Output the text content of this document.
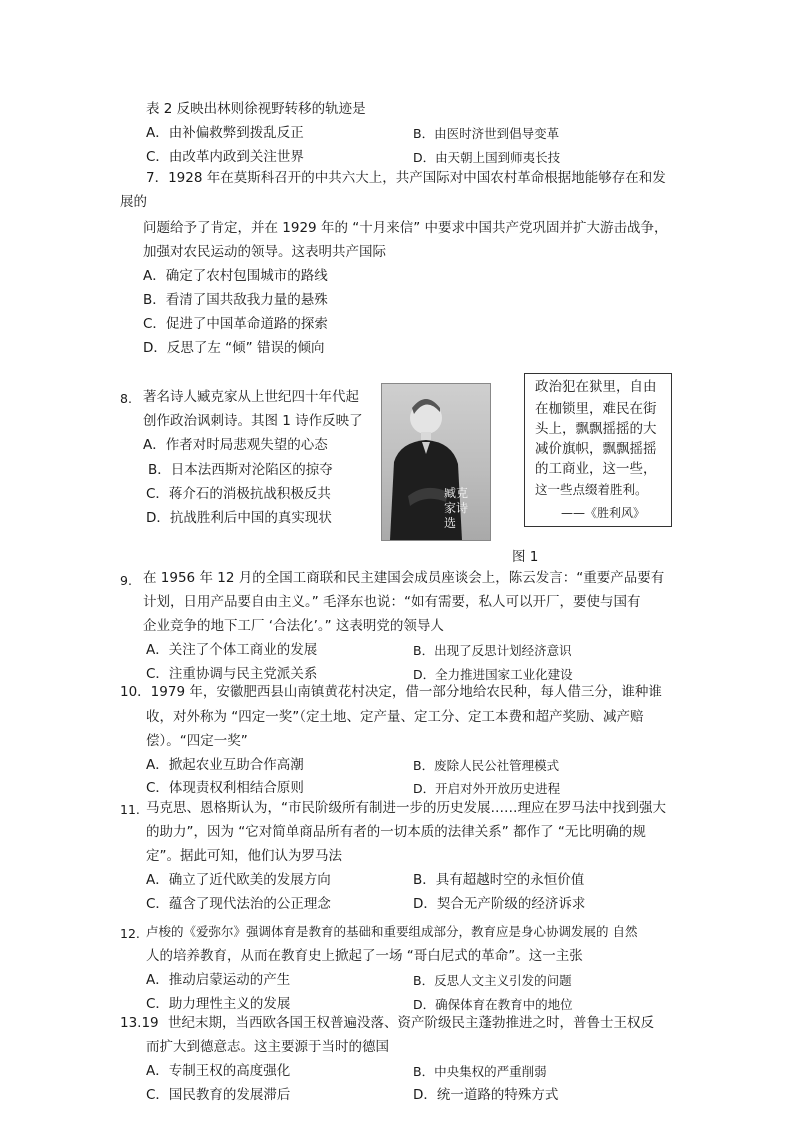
表 2 反映出林则徐视野转移的轨迹是
A．由补偏救弊到拨乱反正	B．由医时济世到倡导变革
C．由改革内政到关注世界	D．由天朝上国到师夷长技
7．1928 年在莫斯科召开的中共六大上，共产国际对中国农村革命根据地能够存在和发
展的
问题给予了肯定，并在 1929 年的 “十月来信” 中要求中国共产党巩固并扩大游击战争，
加强对农民运动的领导。这表明共产国际
A．确定了农村包围城市的路线
B．看清了国共敌我力量的悬殊
C．促进了中国革命道路的探索
D．反思了左 “倾” 错误的倾向
8. 著名诗人臧克家从上世纪四十年代起
创作政治讽刺诗。其图 1 诗作反映了
A．作者对时局悲观失望的心态
B．日本法西斯对沦陷区的掠夺
C．蒋介石的消极抗战积极反共
D．抗战胜利后中国的真实现状
臧克家诗选
政治犯在狱里，自由
在枷锁里，难民在街
头上，飘飘摇摇的大
减价旗帜，飘飘摇摇
的工商业，这一些，
这一些点缀着胜利。
——《胜利风》
图 1
9. 在 1956 年 12 月的全国工商联和民主建国会成员座谈会上，陈云发言：“重要产品要有
计划，日用产品要自由主义。” 毛泽东也说：“如有需要，私人可以开厂，要使与国有
企业竞争的地下工厂 ‘合法化’。” 这表明党的领导人
A．关注了个体工商业的发展	B．出现了反思计划经济意识
C．注重协调与民主党派关系	D．全力推进国家工业化建设
10．1979 年，安徽肥西县山南镇黄花村决定，借一部分地给农民种，每人借三分，谁种谁
收，对外称为 “四定一奖”（定土地、定产量、定工分、定工本费和超产奖励、减产赔
偿）。“四定一奖”
A．掀起农业互助合作高潮	B．废除人民公社管理模式
C．体现责权利相结合原则	D．开启对外开放历史进程
11. 马克思、恩格斯认为，“市民阶级所有制进一步的历史发展……理应在罗马法中找到强大
的助力”，因为 “它对简单商品所有者的一切本质的法律关系” 都作了 “无比明确的规
定”。据此可知，他们认为罗马法
A．确立了近代欧美的发展方向	B．具有超越时空的永恒价值
C．蕴含了现代法治的公正理念	D．契合无产阶级的经济诉求
12. 卢梭的《爱弥尔》强调体育是教育的基础和重要组成部分，教育应是身心协调发展的 自然
人的培养教育，从而在教育史上掀起了一场 “哥白尼式的革命”。这一主张
A．推动启蒙运动的产生	B．反思人文主义引发的问题
C．助力理性主义的发展	D．确保体育在教育中的地位
13.19 世纪末期，当西欧各国王权普遍没落、资产阶级民主蓬勃推进之时，普鲁士王权反
而扩大到德意志。这主要源于当时的德国
A．专制王权的高度强化	B．中央集权的严重削弱
C．国民教育的发展滞后	D．统一道路的特殊方式
